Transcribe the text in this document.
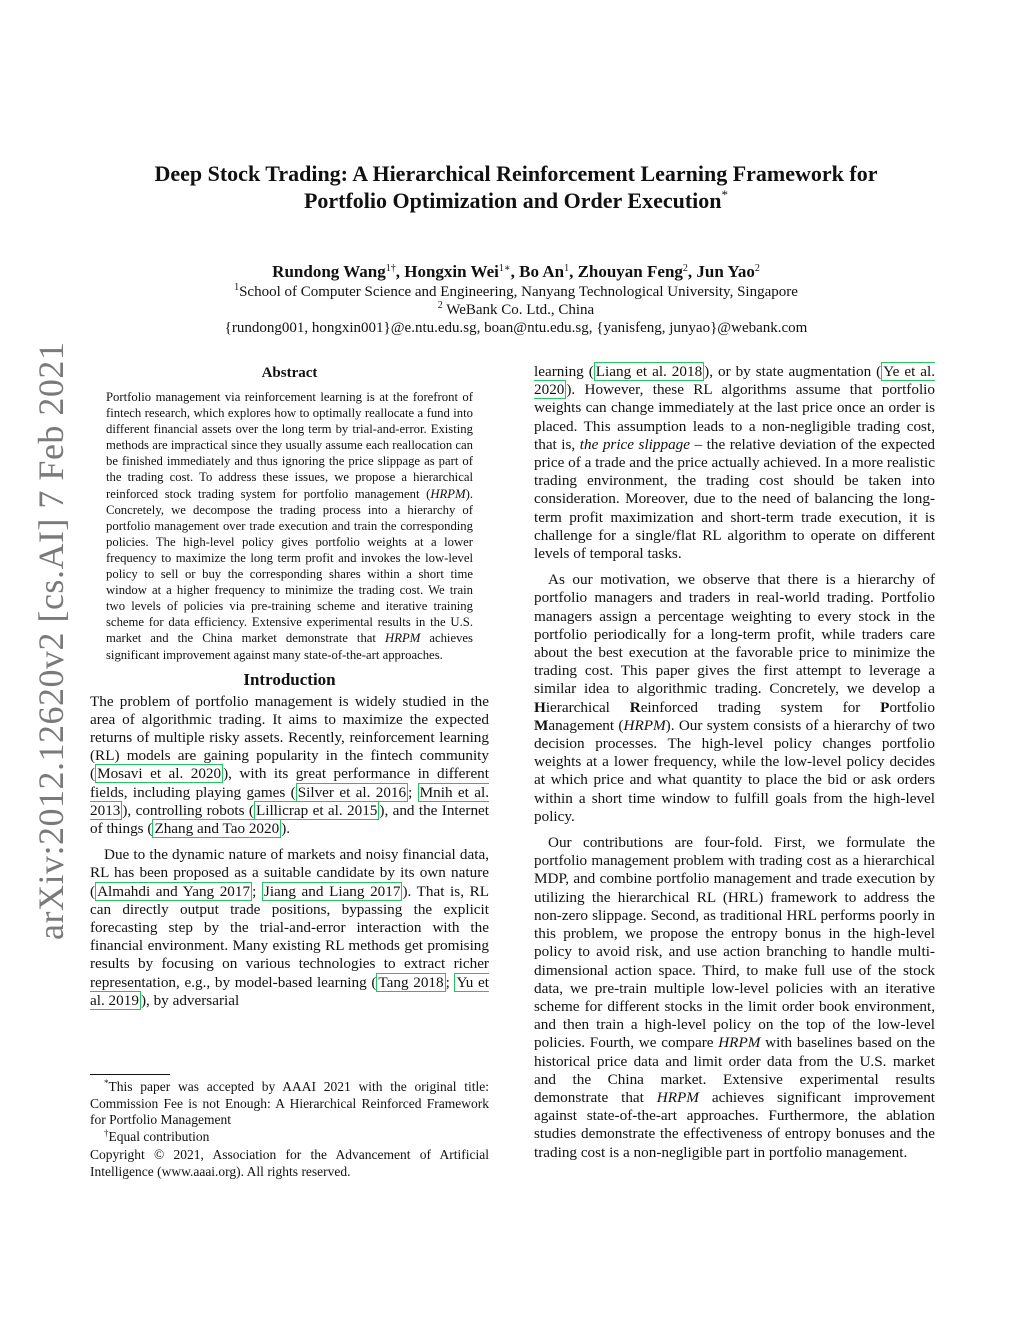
arXiv:2012.12620v2 [cs.AI] 7 Feb 2021
Deep Stock Trading: A Hierarchical Reinforcement Learning Framework for
Portfolio Optimization and Order Execution*
Rundong Wang$^{1\dagger}$, Hongxin Wei$^{1∗}$, Bo An$^1$, Zhouyan Feng$^2$, Jun Yao$^2$
$^1$School of Computer Science and Engineering, Nanyang Technological University, Singapore
$^2$ WeBank Co. Ltd., China
{rundong001, hongxin001}@e.ntu.edu.sg, boan@ntu.edu.sg, {yanisfeng, junyao}@webank.com
Abstract

Portfolio management via reinforcement learning is at the forefront of fintech research, which explores how to optimally reallocate a fund into different financial assets over the long term by trial-and-error. Existing methods are impractical since they usually assume each reallocation can be finished immediately and thus ignoring the price slippage as part of the trading cost. To address these issues, we propose a hierarchical reinforced stock trading system for portfolio management (HRPM). Concretely, we decompose the trading process into a hierarchy of portfolio management over trade execution and train the corresponding policies. The high-level policy gives portfolio weights at a lower frequency to maximize the long term profit and invokes the low-level policy to sell or buy the corresponding shares within a short time window at a higher frequency to minimize the trading cost. We train two levels of policies via pre-training scheme and iterative training scheme for data efficiency. Extensive experimental results in the U.S. market and the China market demonstrate that HRPM achieves significant improvement against many state-of-the-art approaches.

Introduction

The problem of portfolio management is widely studied in the area of algorithmic trading. It aims to maximize the expected returns of multiple risky assets. Recently, reinforcement learning (RL) models are gaining popularity in the fintech community ( Mosavi et al. 2020 ), with its great performance in different fields, including playing games ( Silver et al. 2016 ; Mnih et al. 2013 ), controlling robots ( Lillicrap et al. 2015 ), and the Internet of things ( Zhang and Tao 2020 ).

Due to the dynamic nature of markets and noisy financial data, RL has been proposed as a suitable candidate by its own nature ( Almahdi and Yang 2017 ; Jiang and Liang 2017 ). That is, RL can directly output trade positions, bypassing the explicit forecasting step by the trial-and-error interaction with the financial environment. Many existing RL methods get promising results by focusing on various technologies to extract richer representation, e.g., by model-based learning ( Tang 2018 ; Yu et al. 2019 ), by adversarial

*This paper was accepted by AAAI 2021 with the original title: Commission Fee is not Enough: A Hierarchical Reinforced Framework for Portfolio Management

†Equal contribution

Copyright © 2021, Association for the Advancement of Artificial Intelligence (www.aaai.org). All rights reserved.

learning ( Liang et al. 2018 ), or by state augmentation ( Ye et al. 2020 ). However, these RL algorithms assume that portfolio weights can change immediately at the last price once an order is placed. This assumption leads to a non-negligible trading cost, that is, the price slippage – the relative deviation of the expected price of a trade and the price actually achieved. In a more realistic trading environment, the trading cost should be taken into consideration. Moreover, due to the need of balancing the long-term profit maximization and short-term trade execution, it is challenge for a single/flat RL algorithm to operate on different levels of temporal tasks.

As our motivation, we observe that there is a hierarchy of portfolio managers and traders in real-world trading. Portfolio managers assign a percentage weighting to every stock in the portfolio periodically for a long-term profit, while traders care about the best execution at the favorable price to minimize the trading cost. This paper gives the first attempt to leverage a similar idea to algorithmic trading. Concretely, we develop a Hierarchical Reinforced trading system for Portfolio Management (HRPM). Our system consists of a hierarchy of two decision processes. The high-level policy changes portfolio weights at a lower frequency, while the low-level policy decides at which price and what quantity to place the bid or ask orders within a short time window to fulfill goals from the high-level policy.

Our contributions are four-fold. First, we formulate the portfolio management problem with trading cost as a hierarchical MDP, and combine portfolio management and trade execution by utilizing the hierarchical RL (HRL) framework to address the non-zero slippage. Second, as traditional HRL performs poorly in this problem, we propose the entropy bonus in the high-level policy to avoid risk, and use action branching to handle multi-dimensional action space. Third, to make full use of the stock data, we pre-train multiple low-level policies with an iterative scheme for different stocks in the limit order book environment, and then train a high-level policy on the top of the low-level policies. Fourth, we compare HRPM with baselines based on the historical price data and limit order data from the U.S. market and the China market. Extensive experimental results demonstrate that HRPM achieves significant improvement against state-of-the-art approaches. Furthermore, the ablation studies demonstrate the effectiveness of entropy bonuses and the trading cost is a non-negligible part in portfolio management.
